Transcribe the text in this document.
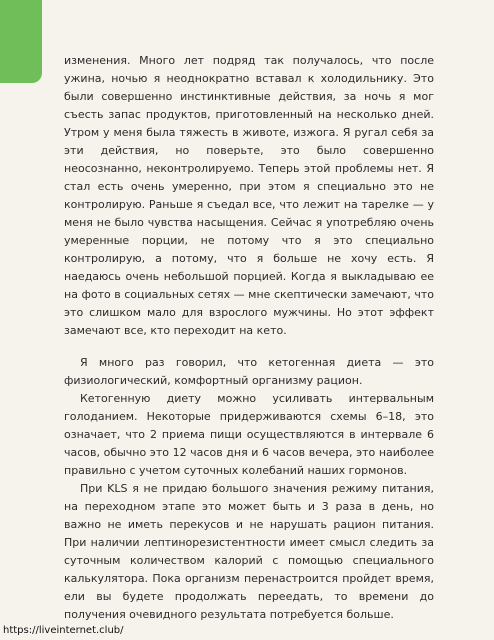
изменения. Много лет подряд так получалось, что после ужина, ночью я неоднократно вставал к холодильнику. Это были совершенно инстинктивные действия, за ночь я мог съесть запас продуктов, приготовленный на несколько дней. Утром у меня была тяжесть в животе, изжога. Я ругал себя за эти действия, но поверьте, это было совершенно неосознанно, неконтролируемо. Теперь этой проблемы нет. Я стал есть очень умеренно, при этом я специально это не контролирую. Раньше я съедал все, что лежит на тарелке — у меня не было чувства насыщения. Сейчас я употребляю очень умеренные порции, не потому что я это специально контролирую, а потому, что я больше не хочу есть. Я наедаюсь очень небольшой порцией. Когда я выкладываю ее на фото в социальных сетях — мне скептически замечают, что это слишком мало для взрослого мужчины. Но этот эффект замечают все, кто переходит на кето.

Я много раз говорил, что кетогенная диета — это физиологический, комфортный организму рацион.

Кетогенную диету можно усиливать интервальным голоданием. Некоторые придерживаются схемы 6–18, это означает, что 2 приема пищи осуществляются в интервале 6 часов, обычно это 12 часов дня и 6 часов вечера, это наиболее правильно с учетом суточных колебаний наших гормонов.

При KLS я не придаю большого значения режиму питания, на переходном этапе это может быть и 3 раза в день, но важно не иметь перекусов и не нарушать рацион питания. При наличии лептинорезистентности имеет смысл следить за суточным количеством калорий с помощью специального калькулятора. Пока организм перенастроится пройдет время, ели вы будете продолжать переедать, то времени до получения очевидного результата потребуется больше.

https://liveinternet.club/
